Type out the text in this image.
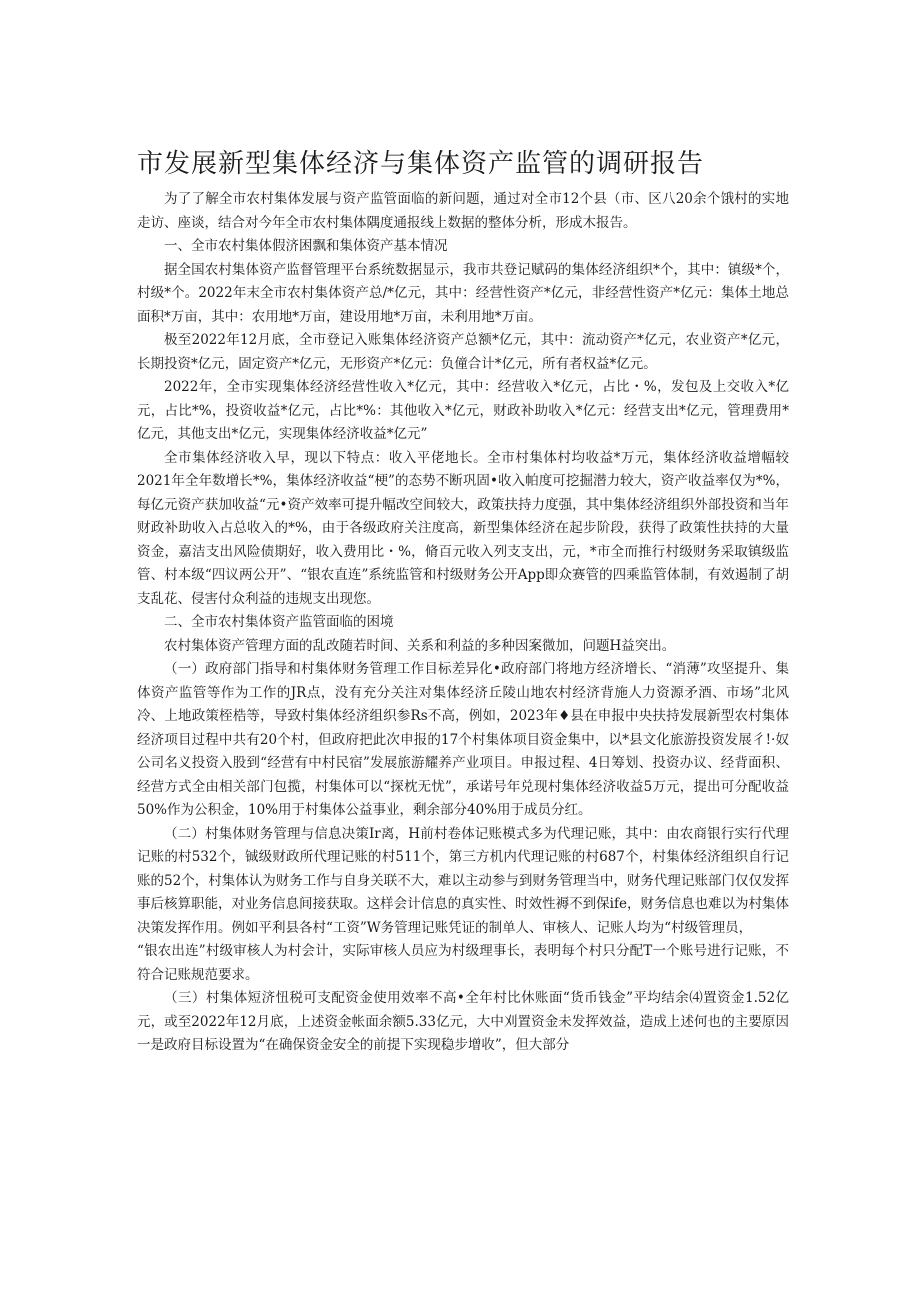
市发展新型集体经济与集体资产监管的调研报告

为了了解全市农村集体发展与资产监管面临的新问题，通过对全市12个县（市、区八20余个饿村的实地走访、座谈，结合对今年全市农村集体隅度通报线上数据的整体分析，形成木报告。

一、全市农村集体假济困飘和集体资产基本情况

据全国农村集体资产监督管理平台系统数据显示，我市共登记赋码的集体经济组织*个，其中：镇级*个，村级*个。2022年末全市农村集体资产总/*亿元，其中：经营性资产*亿元，非经营性资产*亿元：集体土地总面积*万亩，其中：农用地*万亩，建设用地*万亩，未利用地*万亩。

极至2022年12月底，全市登记入账集体经济资产总额*亿元，其中：流动资产*亿元，农业资产*亿元，长期投资*亿元，固定资产*亿元，无形资产*亿元：负僮合计*亿元，所有者权益*亿元。

2022年，全市实现集体经济经营性收入*亿元，其中：经营收入*亿元，占比・%，发包及上交收入*亿元，占比*%，投资收益*亿元，占比*%：其他收入*亿元，财政补助收入*亿元：经营支出*亿元，管理费用*亿元，其他支出*亿元，实现集体经济收益*亿元”

全市集体经济收入早，现以下特点：收入平佬地长。全市村集体村均收益*万元，集体经济收益增幅较2021年全年数增长*%，集体经济收益“梗”的态势不断巩固•收入帕度可挖掘潜力较大，资产收益率仅为*%，每亿元资产获加收益“元•资产效率可提升幅改空间较大，政策扶持力度强，其中集体经济组织外部投资和当年财政补助收入占总收入的*%，由于各级政府关注度高，新型集体经济在起步阶段，获得了政策性扶持的大量资金，嘉洁支出风险债期好，收入费用比・%，脩百元收入列支支出，元，*市全而推行村级财务采取镇级监管、村本级“四议两公开”、“银农直连”系统监管和村级财务公开App即众赛管的四乘监管体制，有效遏制了胡支乱花、侵害付众利益的违规支出现您。

二、全市农村集体资产监管面临的困境

农村集体资产管理方面的乱改随若时间、关系和利益的多种因案微加，问题H益突出。

（一）政府部门指导和村集体财务管理工作目标差异化•政府部门将地方经济增长、“消薄”攻坚提升、集体资产监管等作为工作的JR点，没有充分关注对集体经济丘陵山地农村经济背施人力资源矛酒、市场”北风冷、上地政策桎梏等，导致村集体经济组织参Rs不高，例如，2023年♦县在申报中央扶持发展新型农村集体经济项目过程中共有20个村，但政府把此次申报的17个村集体项目资金集中，以*县文化旅游投资发展彳!·奴公司名义投资入股到“经营有中村民宿”发展旅游耀养产业项目。申报过程、4日筹划、投资办议、经背面积、经营方式全由相关部门包揽，村集体可以“探枕无忧”，承诺号年兑现村集体经济收益5万元，提出可分配收益50%作为公积金，10%用于村集体公益事业，剩余部分40%用于成员分红。

（二）村集体财务管理与信息决策Ir离，H前村卷体记账模式多为代理记账，其中：由农商银行实行代理记账的村532个，铖级财政所代理记账的村511个，第三方机内代理记账的村687个，村集体经济组织自行记账的52个，村集体认为财务工作与自身关联不大，难以主动参与到财务管理当中，财务代理记账部门仅仅发挥事后核算职能，对业务信息间接获取。这样会计信息的真实性、时效性褥不到保ife，财务信息也难以为村集体决策发挥作用。例如平利县各村“工资”W务管理记账凭证的制单人、审核人、记账人均为“村级管理员，

“银农出连”村级审核人为村会计，实际审核人员应为村级理事长，表明每个村只分配T一个账号进行记账，不符合记账规范要求。

（三）村集体短济忸税可支配资金使用效率不高•全年村比休账面“货币钱金”平均结余⑷置资金1.52亿元，或至2022年12月底，上述资金帐面余额5.33亿元，大中刈置资金未发挥效益，造成上述何也的主要原因一是政府目标设置为“在确保资金安全的前提下实现稳步增收”，但大部分
